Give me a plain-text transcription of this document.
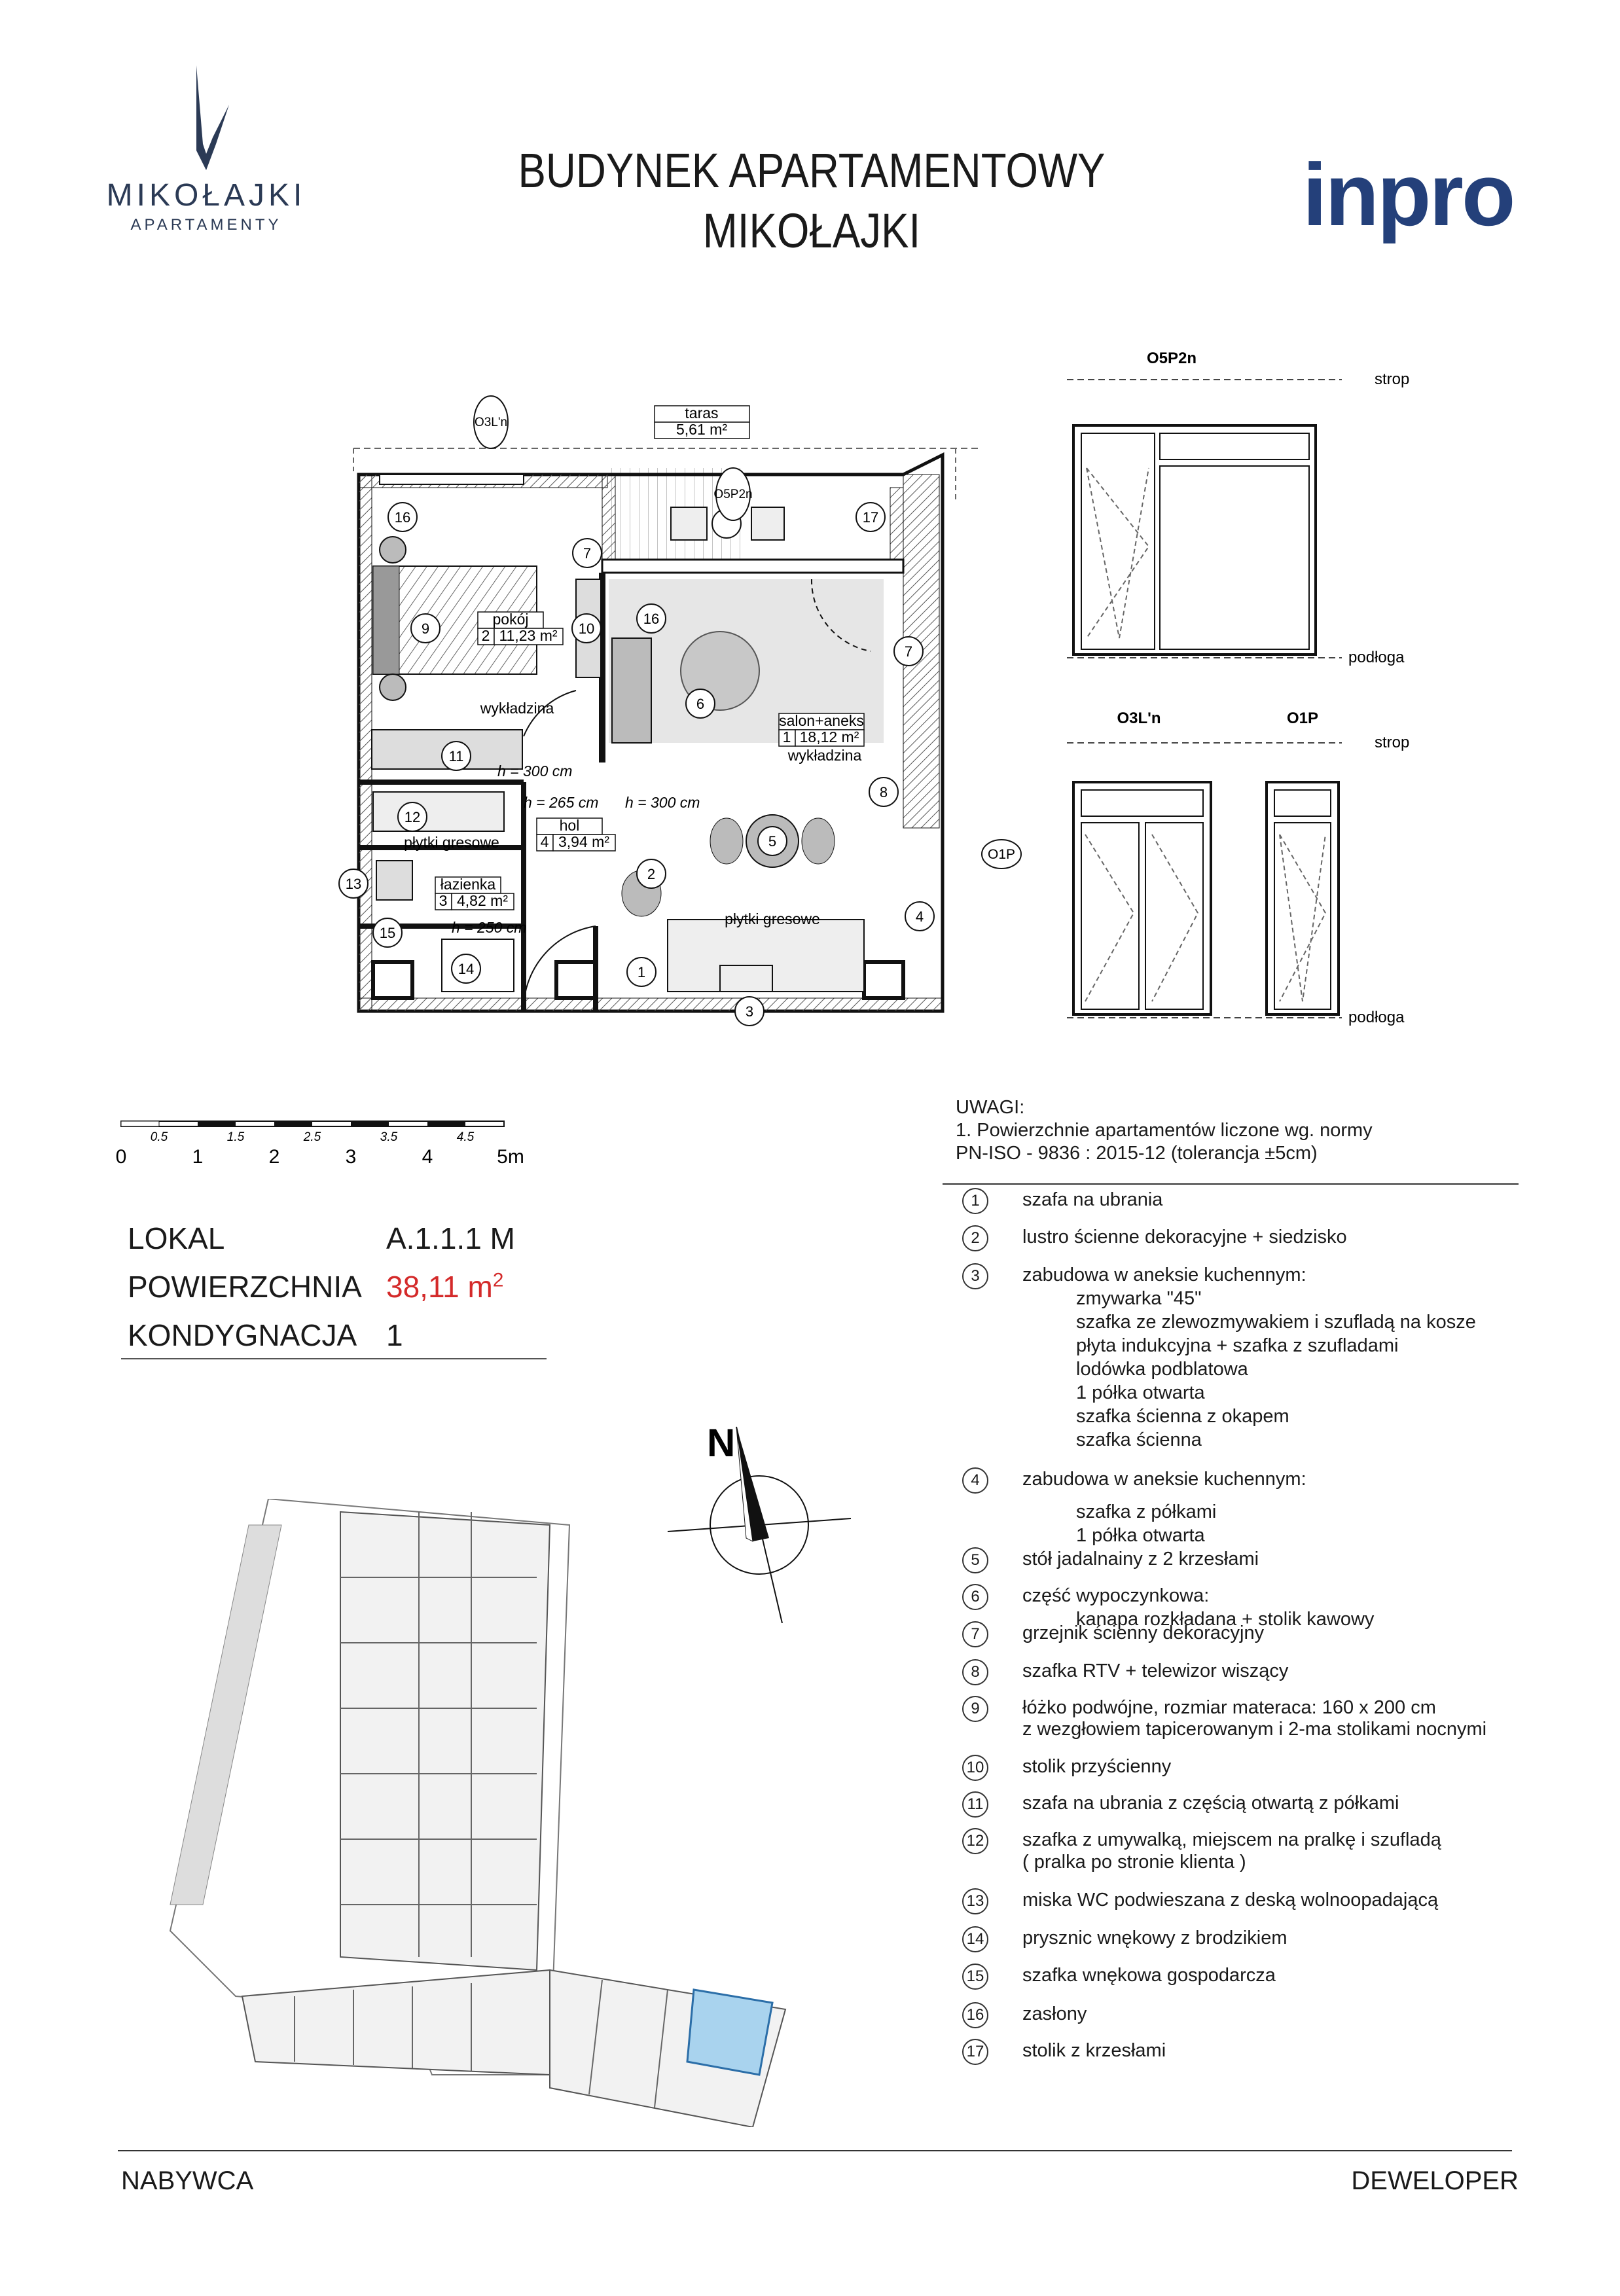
MIKOŁAJKI
APARTAMENTY
BUDYNEK APARTAMENTOWY
MIKOŁAJKI	inpro
pokój
2 11,23 m²
wykładzina
salon+aneks
1 18,12 m²
wykładzina
hol
4 3,94 m²
płytki gresowe
łazienka
3 4,82 m²
płytki gresowe
taras
5,61 m²
h = 300 cm
h = 265 cm h = 300 cm
h = 250 cm
O3L'n
O5P2n
O1P
1
2
3
4
5
6
7
7
8
9	10
11
12
13
14
15
16
16
17
O5P2n
strop
podłoga
O3L'n	O1P
strop
podłoga
0.5	1.5	2.5	3.5	4.5
0	1	2	3	4	5m
LOKAL	A.1.1.1 M
POWIERZCHNIA 38,11 $m^2$
KONDYGNACJA 1
UWAGI:
1. Powierzchnie apartamentów liczone wg. normy
PN-ISO - 9836 : 2015-12 (tolerancja ±5cm)
1	szafa na ubrania
2	lustro ścienne dekoracyjne + siedzisko
3	zabudowa w aneksie kuchennym:
zmywarka "45"
szafka ze zlewozmywakiem i szufladą na kosze
płyta indukcyjna + szafka z szufladami
lodówka podblatowa
1 półka otwarta
szafka ścienna z okapem
szafka ścienna
4	zabudowa w aneksie kuchennym:
szafka z półkami
1 półka otwarta
5	stół jadalnainy z 2 krzesłami
6	część wypoczynkowa:
kanapa rozkładana + stolik kawowy
7	grzejnik ścienny dekoracyjny
8	szafka RTV + telewizor wiszący
9	łóżko podwójne, rozmiar materaca: 160 x 200 cm
z wezgłowiem tapicerowanym i 2-ma stolikami nocnymi
10 stolik przyścienny
11 szafa na ubrania z częścią otwartą z półkami
12 szafka z umywalką, miejscem na pralkę i szufladą
( pralka po stronie klienta )
13 miska WC podwieszana z deską wolnoopadającą
14 prysznic wnękowy z brodzikiem
15 szafka wnękowa gospodarcza
16 zasłony
17 stolik z krzesłami
N
NABYWCA	DEWELOPER
